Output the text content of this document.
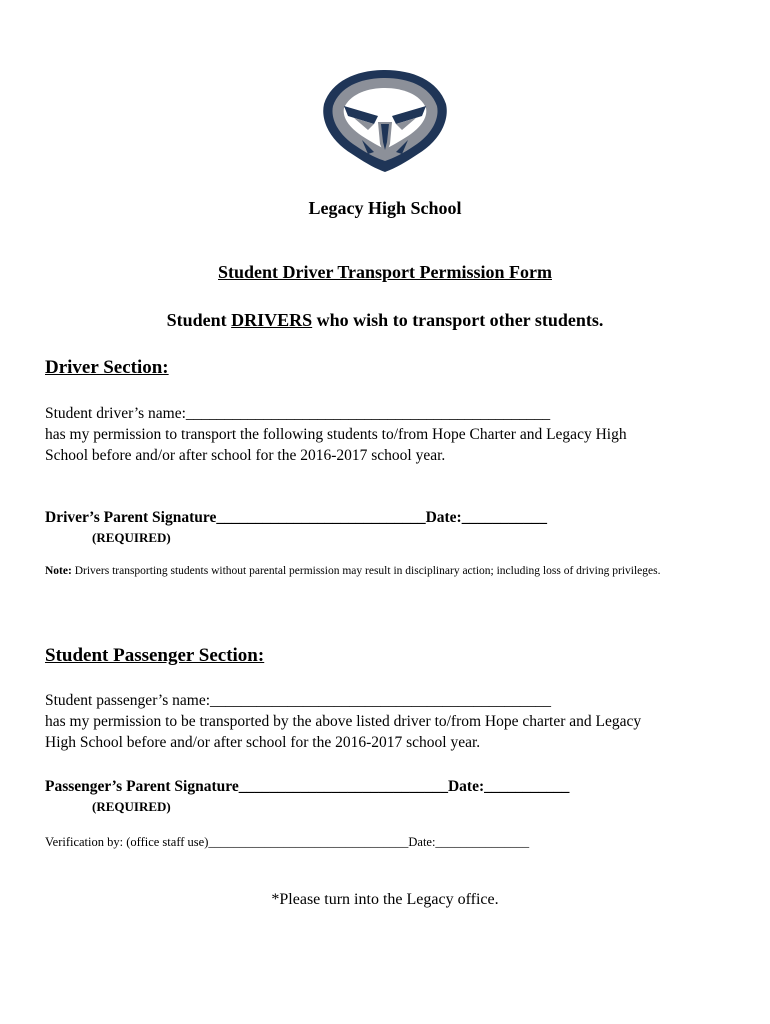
Legacy High School
Student Driver Transport Permission Form
Student DRIVERS who wish to transport other students.
Driver Section:
Student driver’s name:_______________________________________________
has my permission to transport the following students to/from Hope Charter and Legacy High
School before and/or after school for the 2016-2017 school year.
Driver’s Parent Signature___________________________Date:___________
(REQUIRED)
Note: Drivers transporting students without parental permission may result in disciplinary action; including loss of driving privileges.
Student Passenger Section:
Student passenger’s name:____________________________________________
has my permission to be transported by the above listed driver to/from Hope charter and Legacy
High School before and/or after school for the 2016-2017 school year.
Passenger’s Parent Signature___________________________Date:___________
(REQUIRED)
Verification by: (office staff use)________________________________Date:_______________
*Please turn into the Legacy office.
